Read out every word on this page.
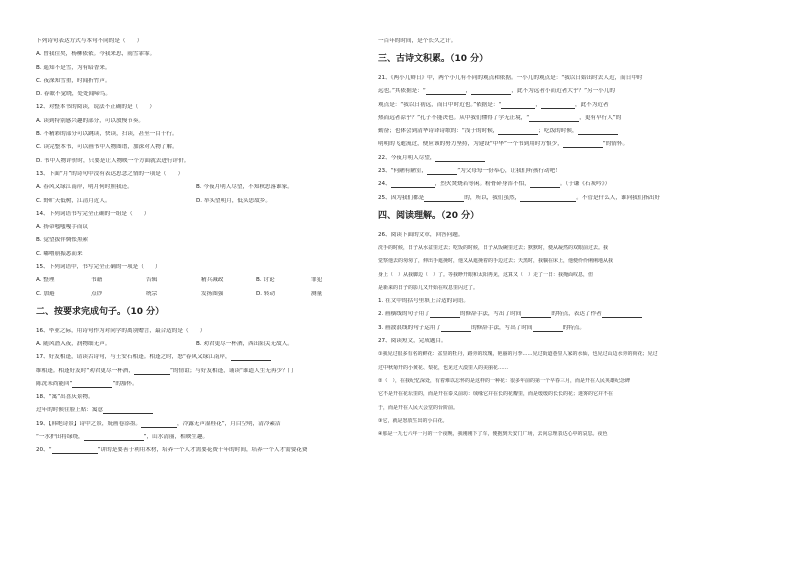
下列诗句表达方式与本句不同的是（　　）
A. 曾我往矣，杨柳依依。今我来思，雨雪霏霏。
B. 遥知不是雪，为有暗香来。
C. 夜深知雪重，时闻折竹声。
D. 春眠不觉晓，处处闻啼鸟。
12、对整本书的阅读，说法不正确的是（　　）
A. 读到特别感兴趣的部分，可以放慢节奏。
B. 不精彩的部分可以跳读，快读，扫读，甚至一目十行。
C. 读完整本书，可以画书中人物图谱，加深对人物了解。
D. 书中人物评价时，只要是让人物映一个方面就去进行评价。
13、下面“月”的诗句中没有表达思念之情的一项是（　　）
A. 春风又绿江南岸，明月何时照我还。	B. 今夜月明人尽望，不知秋思落谁家。
C. 野旷天低树，江清月近人。	D. 举头望明月，低头思故乡。
14、下列词语书写完全正确的一组是（　　）
A. 扬帚嗤嗤嘎手而议
B. 觉望拔伴惆怅黑索
C. 嘟噜崩振悉而来
15、下列词语中，书写完全正确的一项是（　　）
A. 整理	书籍	告辑	精兵减政	B. 讨论	罪犯
C. 加避	点钞	统宗	发扬图强	D. 转动	测量
二、按要求完成句子。（10 分）
16、毕业之际，用诗句作为对同学的离别赠言，最合适的是（　　）
A. 随风潜入夜，润物细无声。	B. 劝君更尽一杯酒，西出阳关无故人。
17、好友相逢，请读古诗句，与王安石相逢。相逢之时，怒“春风又绿江南岸，
维相逢。相逢好友时“劝君更尽一杯酒，	”的情谊；与好友相逢，诵读“谁道人生无再少？门
陈洗未尚能回”	”的豁怀。
18、“寓”出喜庆景物。
过年的时候往脸上贴：寓意
19、【韩绝诗景】诗中之景，妩画卷添墨。	，冷露无声湿桂花”，月白空明，清冷素洁
“一水护田将绿绕，	”，山水清丽，相映生趣。
20、“	”讲的是要善于利用木材，培养一个人才需要花费十年的时间，培养一个人才需要花费
一百年的时间，是个长久之计。
三、古诗文积累。（10 分）
21、《两小儿辩日》中，两个小儿有不同的观点和依据。一小儿的观点是：“我以日始出时去人近，而日中时
远也。”其依据是：“	，	，此不为远者小而近者大乎？”另一小儿的
观点是：“我以日初远，而日中时近也。”依据是：“	，	，此不为近者
热而远者凉乎？”孔子不能决也。从中我们懂得了学无止境，“	，更有早行人”的
勤奋；也体会到清华诗译诗歌的：“浅于的时候，	；吃饭的时候，
明明的飞逝流过，便应该的努力坚持，为建设“中华”一个书到用时方恨少，	”的情怀。
22、今夜月明人尽望，
23、“何陋有陋室，	”为父母每一份奉心，让我们听孩行动吧！
24、	，烈火焚烧若等闲。粉骨碎身浑不怕，	。（于谦《石灰吟》）
25、因为我们都是	的，所以，我们虽然，	。不管是什么人，谁向我们指出好
四、阅读理解。（20 分）
26、阅读下面的文章，回答问题。
洗手的时候，日子从水盆里过去；吃饭的时候，日子从饭碗里过去；默默时，便从凝然的双眼前过去。我
觉察他去的匆匆了，伸出手遮挽时，他又从遮挽着的手边过去；天黑时，我躺在床上，他便伶伶俐俐地从我
身上（　）从我脚边（　）了。等我睁开眼和太阳再见，这算又（　）走了一日：我掩面叹息，但
是新来的日子的影儿又开始在叹息里闪过了。
1. 在文中的括号里填上合适的词语。
2. 画横线的句子用了	的修辞手法，写出了时间	的特点，表达了作者
3. 画波浪线的句子运用了	的修辞手法，写出了时间	的特点。
27、阅读短文，完成题目。
①我见过很多有名的鲜花：盆里的牡丹，路旁的玫瑰，艳丽的月季……见过街道巷里人家的水仙，也见过山边水旁的荷花；见过
过中秋菊开的小黄花、梨花，也见过大漠里人的美丽花……
②（　），在我纪忆深处，有着难以忘怀的是这样的一种花：很多年前的第一个早春三月，而是开在人民英雄纪念碑
它不是开在花坛里的，而是开在泰义前坊：绒缘它并在长的花瓣里，而是缓缓的长长的花；迷雾的它并不在
于，而是开在人民大会堂的台阶前。
③它，就是怒放生出的小白花。
④那是一九七六年一月的一个夜晚，我刚刚下了车，便抱到天安门广场，去向总理表达心中的哀思。夜色
